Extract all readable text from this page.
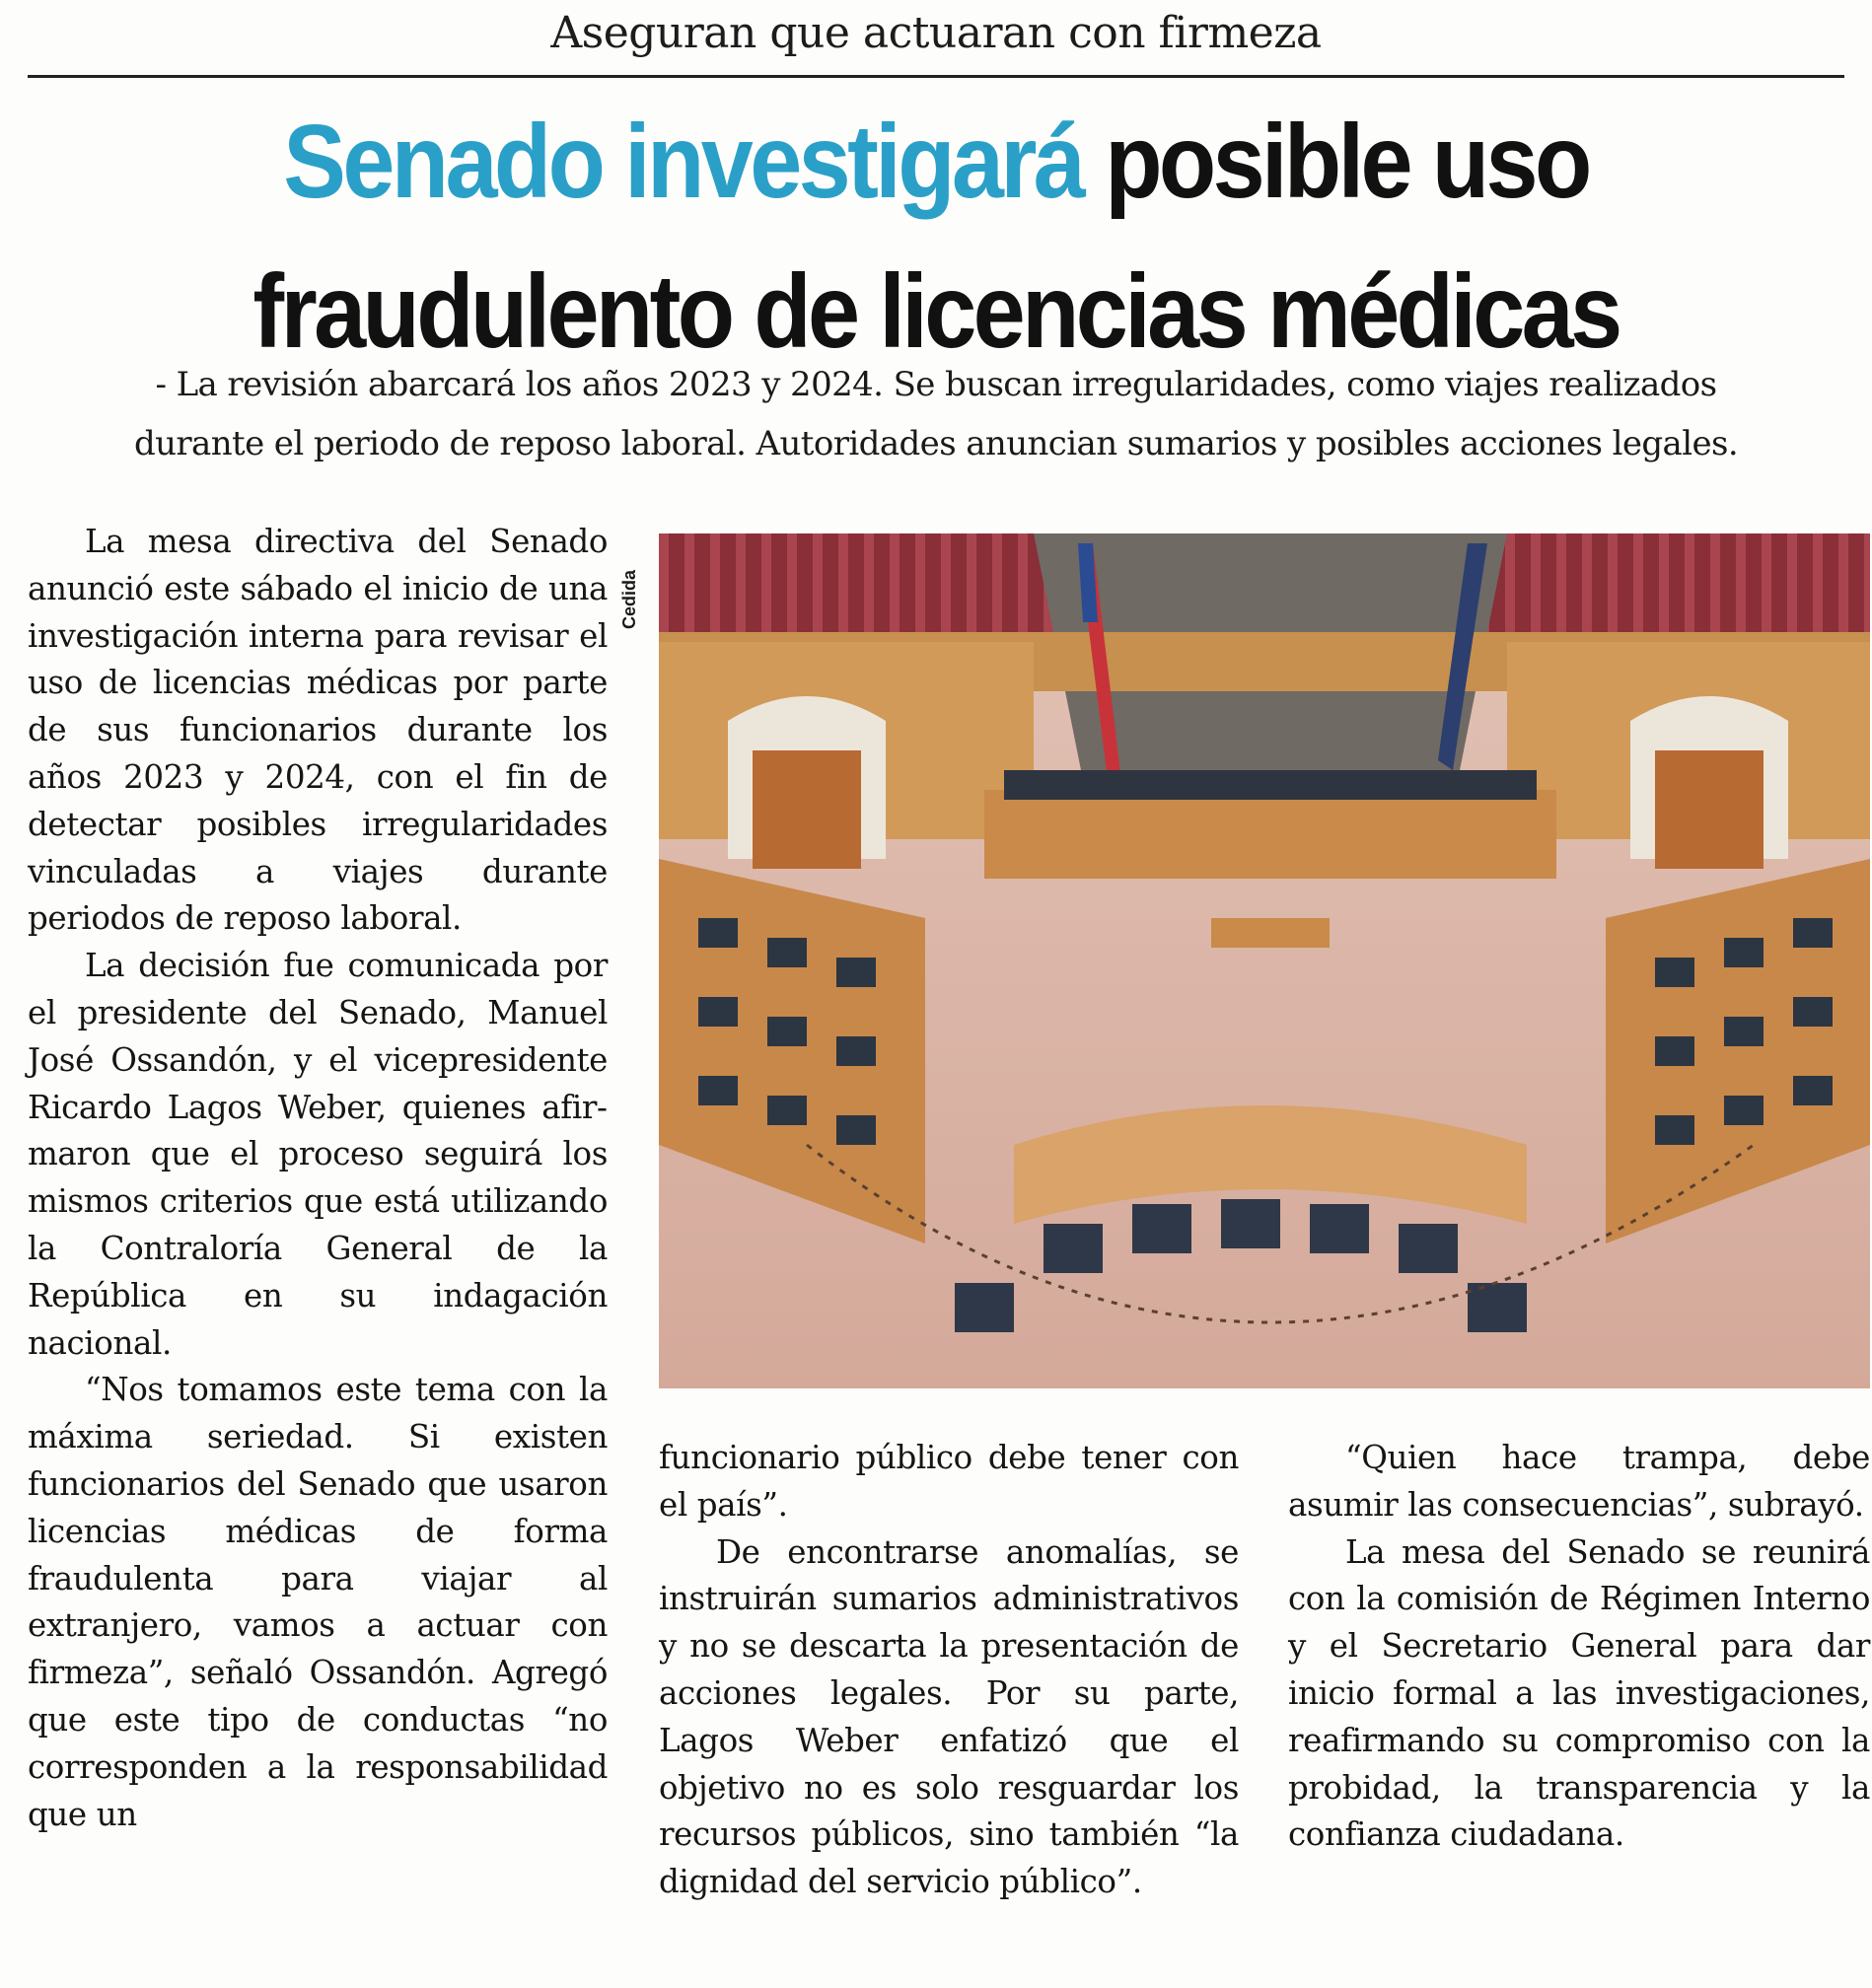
Aseguran que actuaran con firmeza
Senado investigará posible uso
fraudulento de licencias médicas
- La revisión abarcará los años 2023 y 2024. Se buscan irregularidades, como viajes realizados
durante el periodo de reposo laboral. Autoridades anuncian sumarios y posibles acciones legales.

La mesa directiva del Senado anunció este sábado el inicio de una investigación interna para revisar el uso de licencias médicas por parte de sus funcionarios durante los años 2023 y 2024, con el fin de detectar posibles irregularidades vinculadas a viajes durante periodos de reposo laboral.

La decisión fue comunicada por el presidente del Senado, Manuel José Ossandón, y el vicepresidente Ricardo Lagos Weber, quienes afirmaron que el proceso seguirá los mismos criterios que está utilizando la Contraloría General de la República en su indagación nacional.

“Nos tomamos este tema con la máxima seriedad. Si existen funcionarios del Senado que usaron licencias médicas de forma fraudulenta para viajar al extranjero, vamos a actuar con firmeza”, señaló Ossandón. Agregó que este tipo de conductas “no corresponden a la responsabilidad que un

Cedida

funcionario público debe tener con el país”.

De encontrarse anomalías, se instruirán sumarios administrativos y no se descarta la presentación de acciones legales. Por su parte, Lagos Weber enfatizó que el objetivo no es solo resguardar los recursos públicos, sino también “la dignidad del servicio público”.

“Quien hace trampa, debe asumir las consecuencias”, subrayó.

La mesa del Senado se reunirá con la comisión de Régimen Interno y el Secretario General para dar inicio formal a las investigaciones, reafirmando su compromiso con la probidad, la transparencia y la confianza ciudadana.
